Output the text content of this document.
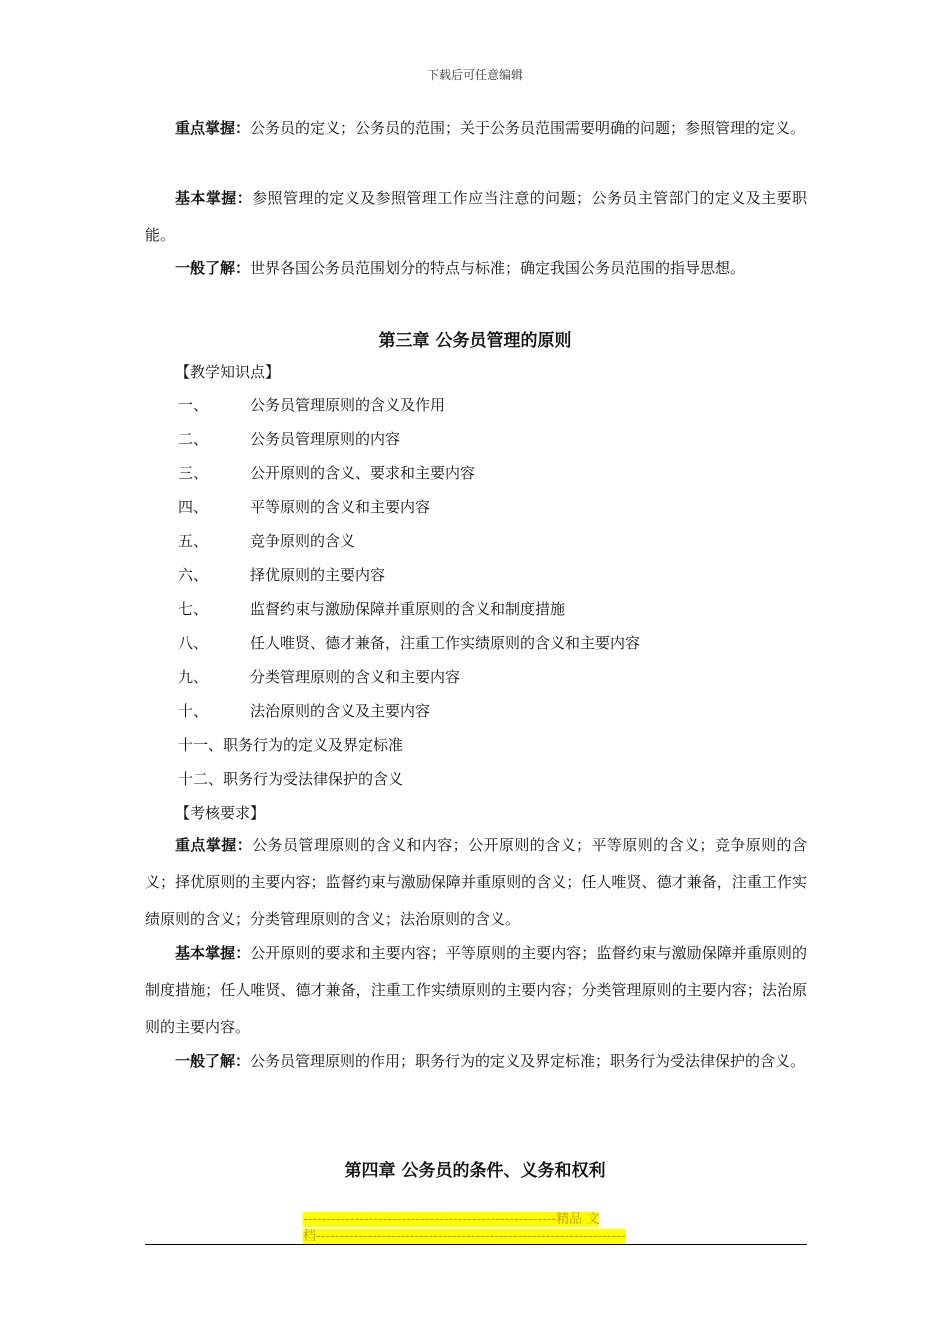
下载后可任意编辑

重点掌握：公务员的定义；公务员的范围；关于公务员范围需要明确的问题；参照管理的定义。

基本掌握：参照管理的定义及参照管理工作应当注意的问题；公务员主管部门的定义及主要职能。

一般了解：世界各国公务员范围划分的特点与标准；确定我国公务员范围的指导思想。

第三章 公务员管理的原则

【教学知识点】

一、	公务员管理原则的含义及作用
二、	公务员管理原则的内容
三、	公开原则的含义、要求和主要内容
四、	平等原则的含义和主要内容
五、	竞争原则的含义
六、	择优原则的主要内容
七、	监督约束与激励保障并重原则的含义和制度措施
八、	任人唯贤、德才兼备，注重工作实绩原则的含义和主要内容
九、	分类管理原则的含义和主要内容
十、	法治原则的含义及主要内容
十一、职务行为的定义及界定标准
十二、职务行为受法律保护的含义

【考核要求】

重点掌握：公务员管理原则的含义和内容；公开原则的含义；平等原则的含义；竞争原则的含义；择优原则的主要内容；监督约束与激励保障并重原则的含义；任人唯贤、德才兼备，注重工作实绩原则的含义；分类管理原则的含义；法治原则的含义。

基本掌握：公开原则的要求和主要内容；平等原则的主要内容；监督约束与激励保障并重原则的制度措施；任人唯贤、德才兼备，注重工作实绩原则的主要内容；分类管理原则的主要内容；法治原则的主要内容。

一般了解：公务员管理原则的作用；职务行为的定义及界定标准；职务行为受法律保护的含义。

第四章 公务员的条件、义务和权利
------------------------------------------------------精品 文
档------------------------------------------------------------------
